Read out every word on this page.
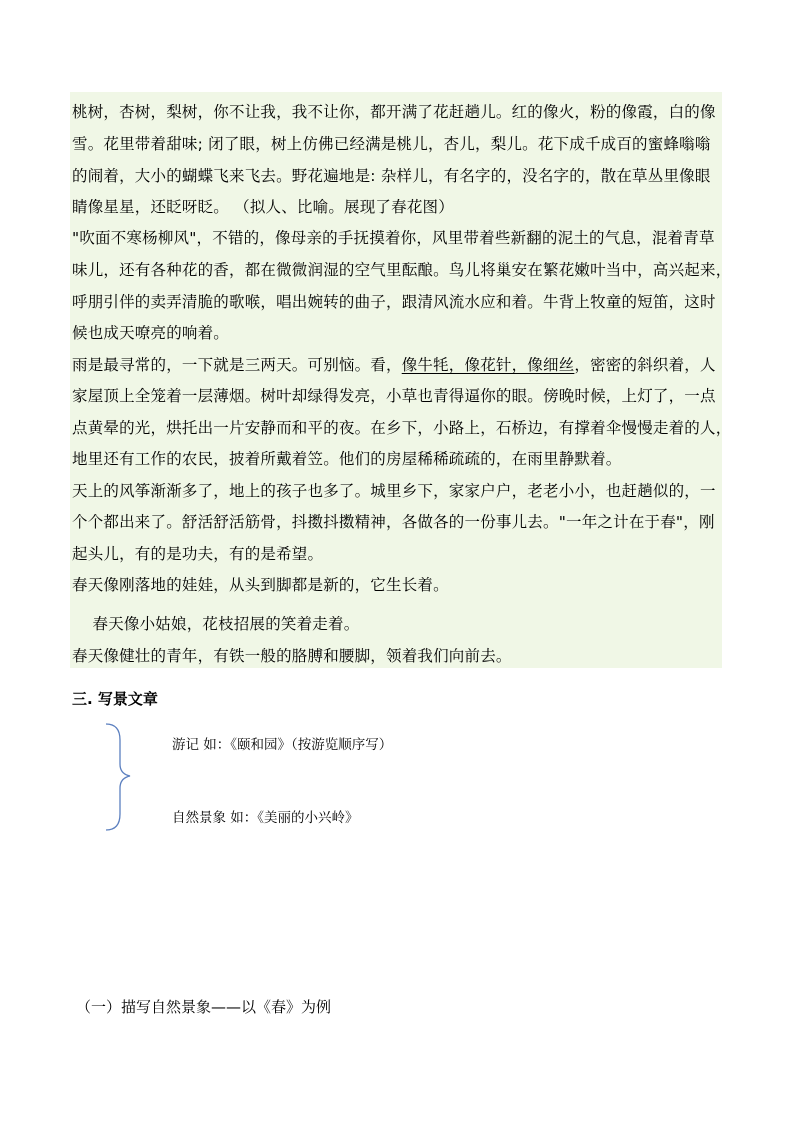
桃树，杏树，梨树，你不让我，我不让你，都开满了花赶趟儿。红的像火，粉的像霞，白的像
雪。花里带着甜味; 闭了眼，树上仿佛已经满是桃儿，杏儿，梨儿。花下成千成百的蜜蜂嗡嗡
的闹着，大小的蝴蝶飞来飞去。野花遍地是: 杂样儿，有名字的，没名字的，散在草丛里像眼
睛像星星，还眨呀眨。 （拟人、比喻。展现了春花图）
"吹面不寒杨柳风"，不错的，像母亲的手抚摸着你，风里带着些新翻的泥土的气息，混着青草
味儿，还有各种花的香，都在微微润湿的空气里酝酿。鸟儿将巢安在繁花嫩叶当中，高兴起来，
呼朋引伴的卖弄清脆的歌喉，唱出婉转的曲子，跟清风流水应和着。牛背上牧童的短笛，这时
候也成天嘹亮的响着。
雨是最寻常的，一下就是三两天。可别恼。看，像牛牦，像花针，像细丝，密密的斜织着，人
家屋顶上全笼着一层薄烟。树叶却绿得发亮，小草也青得逼你的眼。傍晚时候，上灯了，一点
点黄晕的光，烘托出一片安静而和平的夜。在乡下，小路上，石桥边，有撑着伞慢慢走着的人，
地里还有工作的农民，披着所戴着笠。他们的房屋稀稀疏疏的，在雨里静默着。
天上的风筝渐渐多了，地上的孩子也多了。城里乡下，家家户户，老老小小，也赶趟似的，一
个个都出来了。舒活舒活筋骨，抖擞抖擞精神，各做各的一份事儿去。"一年之计在于春"，刚
起头儿，有的是功夫，有的是希望。
春天像刚落地的娃娃，从头到脚都是新的，它生长着。
春天像小姑娘，花枝招展的笑着走着。
春天像健壮的青年，有铁一般的胳膊和腰脚，领着我们向前去。
三. 写景文章
游记 如：《颐和园》（按游览顺序写）
自然景象 如：《美丽的小兴岭》
（一）描写自然景象——以《春》为例
